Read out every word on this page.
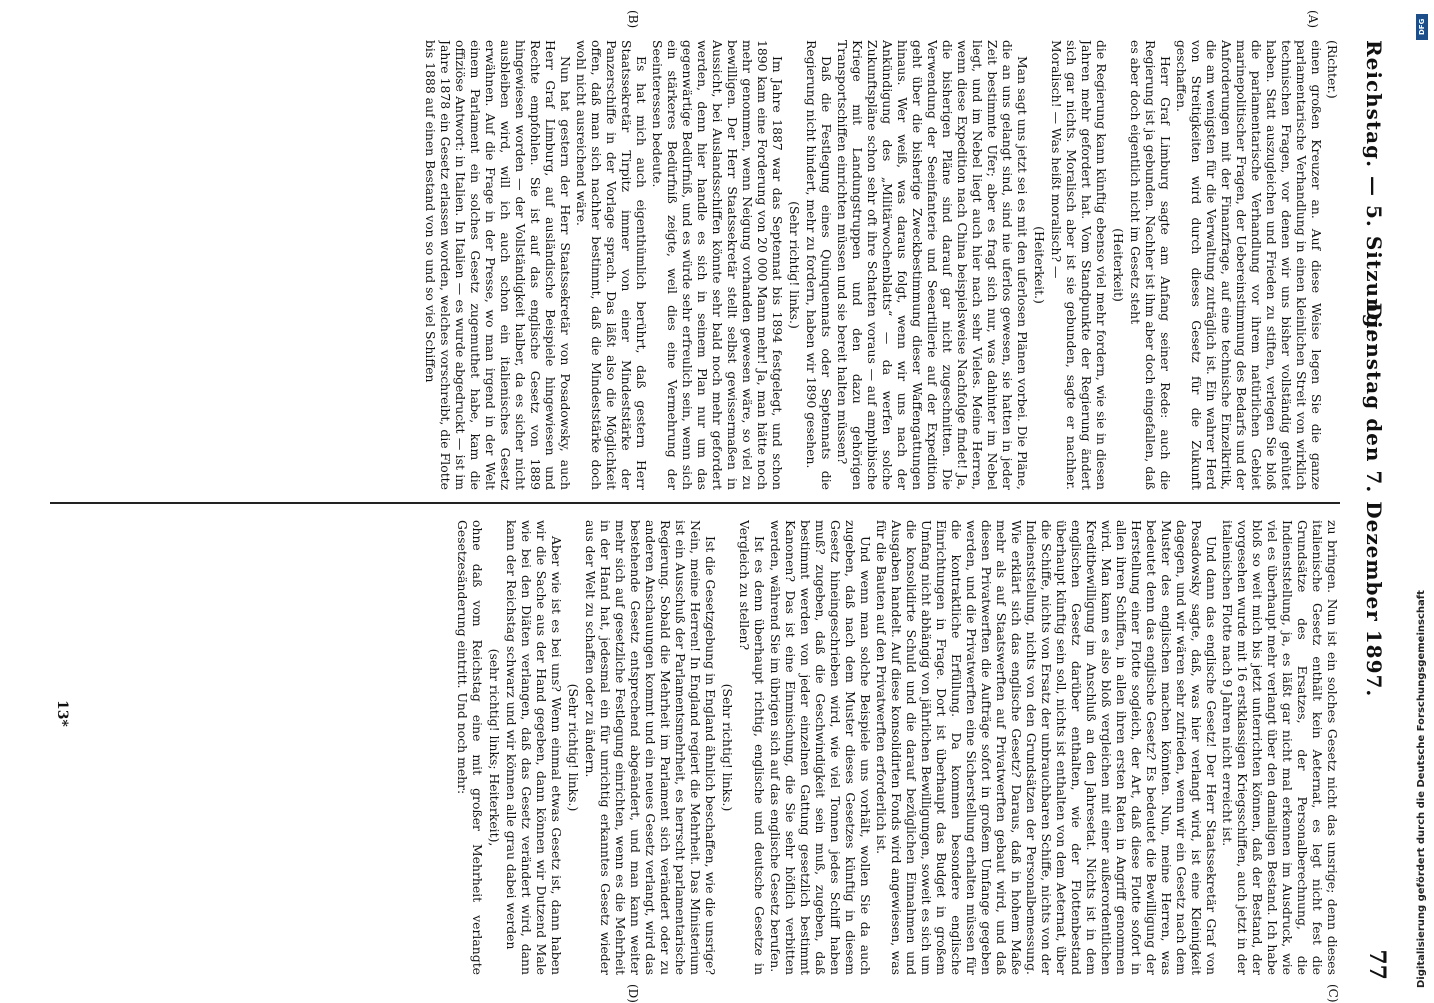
Reichstag. — 5. Sitzung.
Dienstag den 7. Dezember 1897.
77
(A)
(B)
(C)
(D)

(Richter.)

einen großen Kreuzer an. Auf diese Weise legen Sie die ganze parlamentarische Verhandlung in einen kleinlichen Streit von wirklich technischen Fragen, vor denen wir uns bisher vollständig gehütet haben. Statt auszugleichen und Frieden zu stiften, verlegen Sie bloß die parlamentarische Verhandlung vor ihrem natürlichen Gebiet marinepolitischer Fragen, der Uebereinstimmung des Bedarfs und der Anforderungen mit der Finanzfrage, auf eine technische Einzelkritik, die am wenigsten für die Verwaltung zuträglich ist. Ein wahrer Herd von Streitigkeiten wird durch dieses Gesetz für die Zukunft geschaffen.

Herr Graf Limburg sagte am Anfang seiner Rede: auch die Regierung ist ja gebunden. Nachher ist ihm aber doch eingefallen, daß es aber doch eigentlich nicht im Gesetz steht

(Heiterkeit)

die Regierung kann künftig ebenso viel mehr fordern, wie sie in diesen Jahren mehr gefordert hat. Vom Standpunkte der Regierung ändert sich gar nichts. Moralisch aber ist sie gebunden, sagte er nachher. Moralisch! — Was heißt moralisch? —

(Heiterkeit.)

Man sagt uns jetzt sei es mit den uferlosen Plänen vorbei. Die Pläne, die an uns gelangt sind, sind nie uferlos gewesen, sie hatten in jeder Zeit bestimmte Ufer; aber es fragt sich nur, was dahinter im Nebel liegt, und im Nebel liegt auch hier nach sehr Vieles. Meine Herren, wenn diese Expedition nach China beispielsweise Nachfolge findet! Ja, die bisherigen Pläne sind darauf gar nicht zugeschnitten. Die Verwendung der Seeinfanterie und Seeartillerie auf der Expedition geht über die bisherige Zweckbestimmung dieser Waffengattungen hinaus. Wer weiß, was daraus folgt, wenn wir uns nach der Ankündigung des „Militärwochenblatts“ — da werfen solche Zukunftspläne schon sehr oft ihre Schatten voraus — auf amphibische Kriege mit Landungstruppen und den dazu gehörigen Transportschiffen einrichten müssen und sie bereit halten müssen?

Daß die Festlegung eines Quinquennats oder Septennats die Regierung nicht hindert, mehr zu fordern, haben wir 1890 gesehen.

(Sehr richtig! links.)

Im Jahre 1887 war das Septennat bis 1894 festgelegt, und schon 1890 kam eine Forderung von 20 000 Mann mehr! Ja, man hätte noch mehr genommen, wenn Neigung vorhanden gewesen wäre, so viel zu bewilligen. Der Herr Staatssekretär stellt selbst gewissermaßen in Aussicht, bei Auslandsschiffen könnte sehr bald noch mehr gefordert werden, denn hier handle es sich in seinem Plan nur um das gegenwärtige Bedürfniß, und es würde sehr erfreulich sein, wenn sich ein stärkeres Bedürfniß zeigte, weil dies eine Vermehrung der Seeinteressen bedeute.

Es hat mich auch eigenthümlich berührt, daß gestern Herr Staatssekretär Tirpitz immer von einer Mindeststärke der Panzerschiffe in der Vorlage sprach. Das läßt also die Möglichkeit offen, daß man sich nachher bestimmt, daß die Mindeststärke doch wohl nicht ausreichend wäre.

Nun hat gestern der Herr Staatssekretär von Posadowsky, auch Herr Graf Limburg, auf ausländische Beispiele hingewiesen und Rechte empfohlen. Sie ist auf das englische Gesetz von 1889 hingewiesen worden — der Vollständigkeit halber, da es sicher nicht ausbleiben wird, will ich auch schon ein italienisches Gesetz erwähnen. Auf die Frage in der Presse, wo man irgend in der Welt einem Parlament ein solches Gesetz zugemuthet habe, kam die offiziöse Antwort: in Italien. In Italien — es wurde abgedruckt — ist im Jahre 1878 ein Gesetz erlassen worden, welches vorschreibt, die Flotte bis 1888 auf einen Bestand von so und so viel Schiffen

zu bringen. Nun ist ein solches Gesetz nicht das unsrige; denn dieses italienische Gesetz enthält kein Aeternat, es legt nicht fest die Grundsätze des Ersatzes, der Personalberechnung, die Indienststellung, ja, es läßt gar nicht mal erkennen im Ausdruck, wie viel es überhaupt mehr verlangt über den damaligen Bestand. Ich habe bloß so weit mich bis jetzt unterrichten können, daß der Bestand, der vorgesehen wurde mit 16 erstklassigen Kriegsschiffen, auch jetzt in der italienischen Flotte nach 9 Jahren nicht erreicht ist.

Und dann das englische Gesetz! Der Herr Staatssekretär Graf von Posadowsky sagte, daß, was hier verlangt wird, ist eine Kleinigkeit dagegen, und wir wären sehr zufrieden, wenn wir ein Gesetz nach dem Muster des englischen machen könnten. Nun, meine Herren, was bedeutet denn das englische Gesetz? Es bedeutet die Bewilligung der Herstellung einer Flotte sogleich, der Art, daß diese Flotte sofort in allen ihren Schiffen, in allen ihren ersten Raten in Angriff genommen wird. Man kann es also bloß vergleichen mit einer außerordentlichen Kreditbewilligung im Anschluß an den Jahresetat. Nichts ist in dem englischen Gesetz darüber enthalten, wie der Flottenbestand überhaupt künftig sein soll, nichts ist enthalten von dem Aeternat, über die Schiffe, nichts von Ersatz der unbrauchbaren Schiffe, nichts von der Indienststellung, nichts von den Grundsätzen der Personalbemessung. Wie erklärt sich das englische Gesetz? Daraus, daß in hohem Maße mehr als auf Staatswerften auf Privatwerften gebaut wird, und daß diesen Privatwerften die Aufträge sofort in großem Umfange gegeben werden, und die Privatwerften eine Sicherstellung erhalten müssen für die kontraktliche Erfüllung. Da kommen besondere englische Einrichtungen in Frage. Dort ist überhaupt das Budget in großem Umfang nicht abhängig von jährlichen Bewilligungen, soweit es sich um die konsolidirte Schuld und die darauf bezüglichen Einnahmen und Ausgaben handelt. Auf diese konsolidirten Fonds wird angewiesen, was für die Bauten auf den Privatwerften erforderlich ist.

Und wenn man solche Beispiele uns vorhält, wollen Sie da auch zugeben, daß nach dem Muster dieses Gesetzes künftig in diesem Gesetz hineingeschrieben wird, wie viel Tonnen jedes Schiff haben muß? zugeben, daß die Geschwindigkeit sein muß, zugeben, daß bestimmt werden von jeder einzelnen Gattung gesetzlich bestimmt Kanonen? Das ist eine Einmischung, die Sie sehr höflich verbitten werden, während Sie im übrigen sich auf das englische Gesetz berufen.

Ist es denn überhaupt richtig, englische und deutsche Gesetze in Vergleich zu stellen?

(Sehr richtig! links.)

Ist die Gesetzgebung in England ähnlich beschaffen, wie die unsrige? Nein, meine Herren! In England regiert die Mehrheit. Das Ministerium ist ein Ausschuß der Parlamentsmehrheit, es herrscht parlamentarische Regierung. Sobald die Mehrheit im Parlament sich verändert oder zu anderen Anschauungen kommt und ein neues Gesetz verlangt, wird das bestehende Gesetz entsprechend abgeändert, und man kann weiter mehr sich auf gesetzliche Festlegung einrichten, wenn es die Mehrheit in der Hand hat, jedesmal ein für unrichtig erkanntes Gesetz wieder aus der Welt zu schaffen oder zu ändern.

(Sehr richtig! links.)

Aber wie ist es bei uns? Wenn einmal etwas Gesetz ist, dann haben wir die Sache aus der Hand gegeben, dann können wir Dutzend Male wie bei den Diäten verlangen, daß das Gesetz verändert wird, dann kann der Reichstag schwarz und wir können alle grau dabei werden

(sehr richtig! links; Heiterkeit),

ohne daß vom Reichstag eine mit großer Mehrheit verlangte Gesetzesänderung eintritt. Und noch mehr:

13*
DFG
Digitalisierung gefördert durch die Deutsche Forschungsgemeinschaft
